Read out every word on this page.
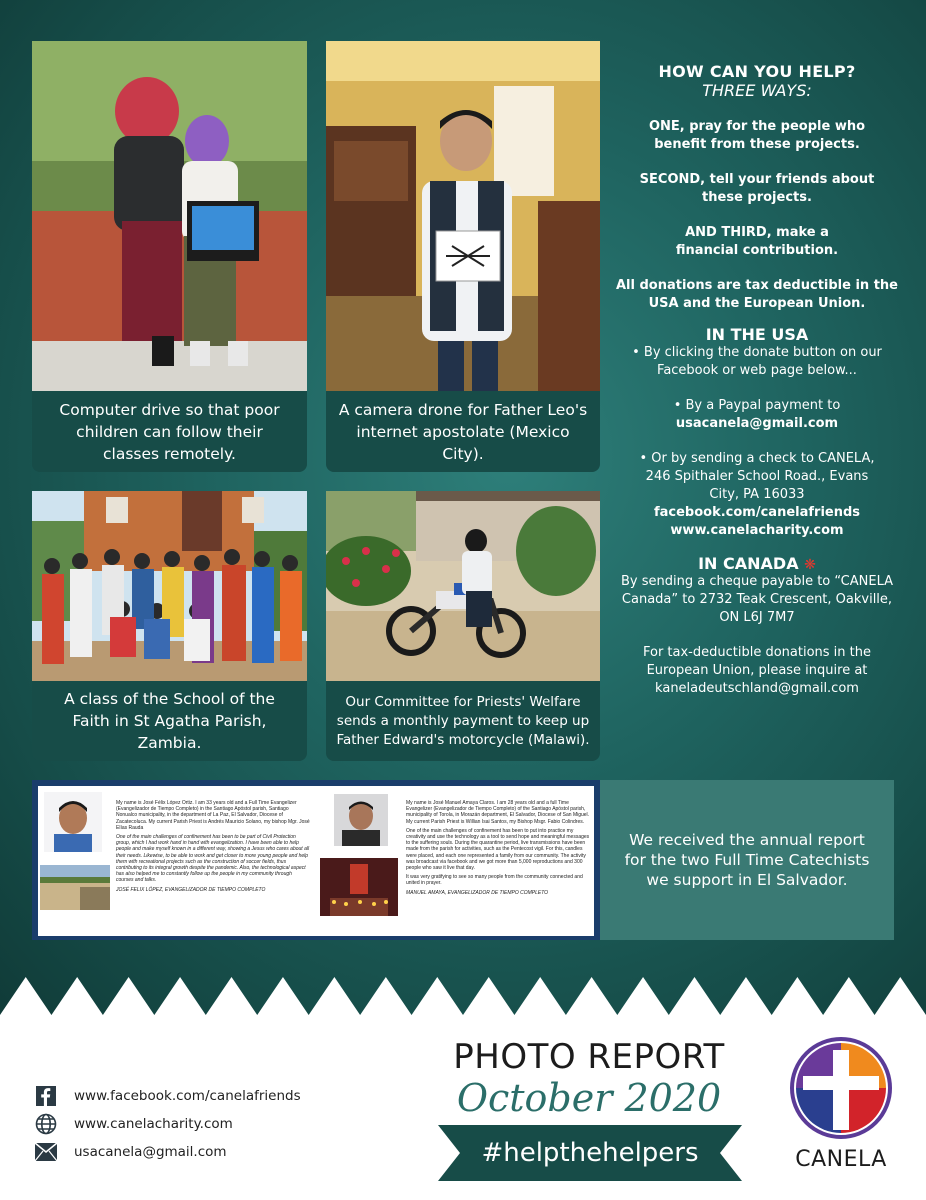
Computer drive so that poor children can follow their classes remotely.
A camera drone for Father Leo's internet apostolate (Mexico City).
A class of the School of the Faith in St Agatha Parish, Zambia.
Our Committee for Priests' Welfare sends a monthly payment to keep up Father Edward's motorcycle (Malawi).
HOW CAN YOU HELP?
THREE WAYS:
ONE, pray for the people who benefit from these projects.
SECOND, tell your friends about these projects.
AND THIRD, make a financial contribution.
All donations are tax deductible in the USA and the European Union.
IN THE USA
• By clicking the donate button on our Facebook or web page below...
• By a Paypal payment to
usacanela@gmail.com
• Or by sending a check to CANELA, 246 Spithaler School Road., Evans City, PA 16033
facebook.com/canelafriends
www.canelacharity.com
IN CANADA ❋
By sending a cheque payable to “CANELA Canada” to 2732 Teak Crescent, Oakville, ON L6J 7M7
For tax-deductible donations in the European Union, please inquire at kaneladeutschland@gmail.com

My name is José Félix López Ortiz. I am 33 years old and a Full Time Evangelizer (Evangelizador de Tiempo Completo) in the Santiago Apóstol parish, Santiago Nonualco municipality, in the department of La Paz, El Salvador, Diocese of Zacatecoluca. My current Parish Priest is Andrés Mauricio Solano, my bishop Mgr. José Elías Rauda

One of the main challenges of confinement has been to be part of Civil Protection group, which I had work hand in hand with evangelization. I have been able to help people and make myself known in a different way, showing a Jesus who cares about all their needs. Likewise, to be able to work and get closer to more young people and help them with recreational projects such as the construction of soccer fields, thus contributing to its integral growth despite the pandemic. Also, the technological aspect has also helped me to constantly follow up the people in my community through courses and talks.

JOSÉ FELIX LÓPEZ, EVANGELIZADOR DE TIEMPO COMPLETO

My name is José Manuel Amaya Claros. I am 28 years old and a full Time Evangelizer (Evangelizador de Tiempo Completo) of the Santiago Apóstol parish, municipality of Torola, in Morazán department, El Salvador, Diocese of San Miguel. My current Parish Priest is Willian Isai Santos, my Bishop Msgr. Fabio Colindres.

One of the main challenges of confinement has been to put into practice my creativity and use the technology as a tool to send hope and meaningful messages to the suffering souls. During the quarantine period, live transmissions have been made from the parish for activities, such as the Pentecost vigil. For this, candles were placed, and each one represented a family from our community. The activity was broadcast via facebook and we got more than 5,000 reproductions and 300 people who saw it live that day.

It was very gratifying to see so many people from the community connected and united in prayer.

MANUEL AMAYA, EVANGELIZADOR DE TIEMPO COMPLETO

We received the annual report for the two Full Time Catechists we support in El Salvador.
www.facebook.com/canelafriends
www.canelacharity.com
usacanela@gmail.com
PHOTO REPORT
October 2020
#helpthehelpers	CANELA
